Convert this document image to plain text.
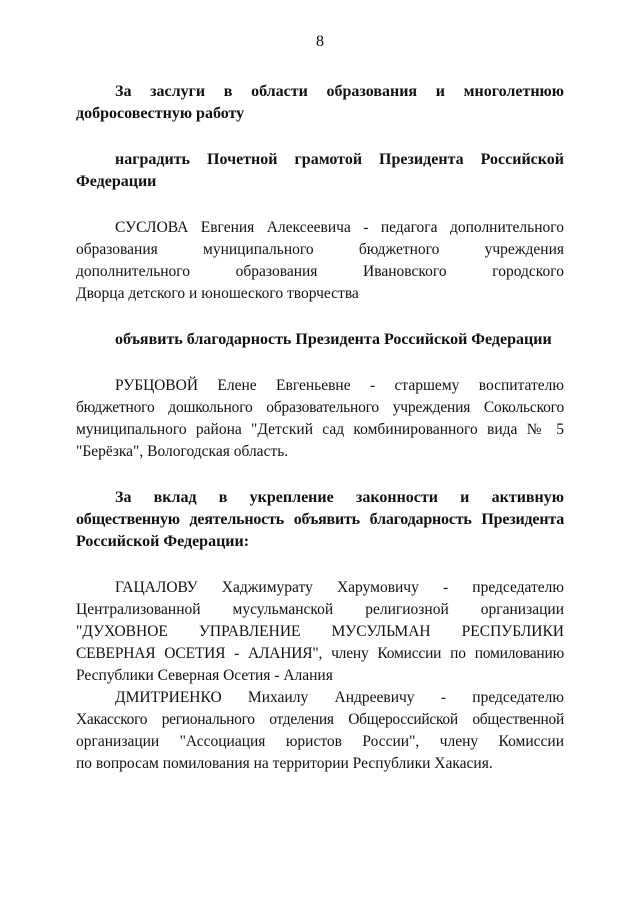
8
За заслуги в области образования и многолетнюю
добросовестную работу
наградить Почетной грамотой Президента Российской
Федерации
СУСЛОВА Евгения Алексеевича - педагога дополнительного
образования муниципального бюджетного учреждения
дополнительного образования Ивановского городского
Дворца детского и юношеского творчества
объявить благодарность Президента Российской Федерации
РУБЦОВОЙ Елене Евгеньевне - старшему воспитателю
бюджетного дошкольного образовательного учреждения Сокольского
муниципального района "Детский сад комбинированного вида № 5
"Берёзка", Вологодская область.
За вклад в укрепление законности и активную
общественную деятельность объявить благодарность Президента
Российской Федерации:
ГАЦАЛОВУ Хаджимурату Харумовичу - председателю
Централизованной мусульманской религиозной организации
"ДУХОВНОЕ УПРАВЛЕНИЕ МУСУЛЬМАН РЕСПУБЛИКИ
СЕВЕРНАЯ ОСЕТИЯ - АЛАНИЯ", члену Комиссии по помилованию
Республики Северная Осетия - Алания
ДМИТРИЕНКО Михаилу Андреевичу - председателю
Хакасского регионального отделения Общероссийской общественной
организации "Ассоциация юристов России", члену Комиссии
по вопросам помилования на территории Республики Хакасия.
